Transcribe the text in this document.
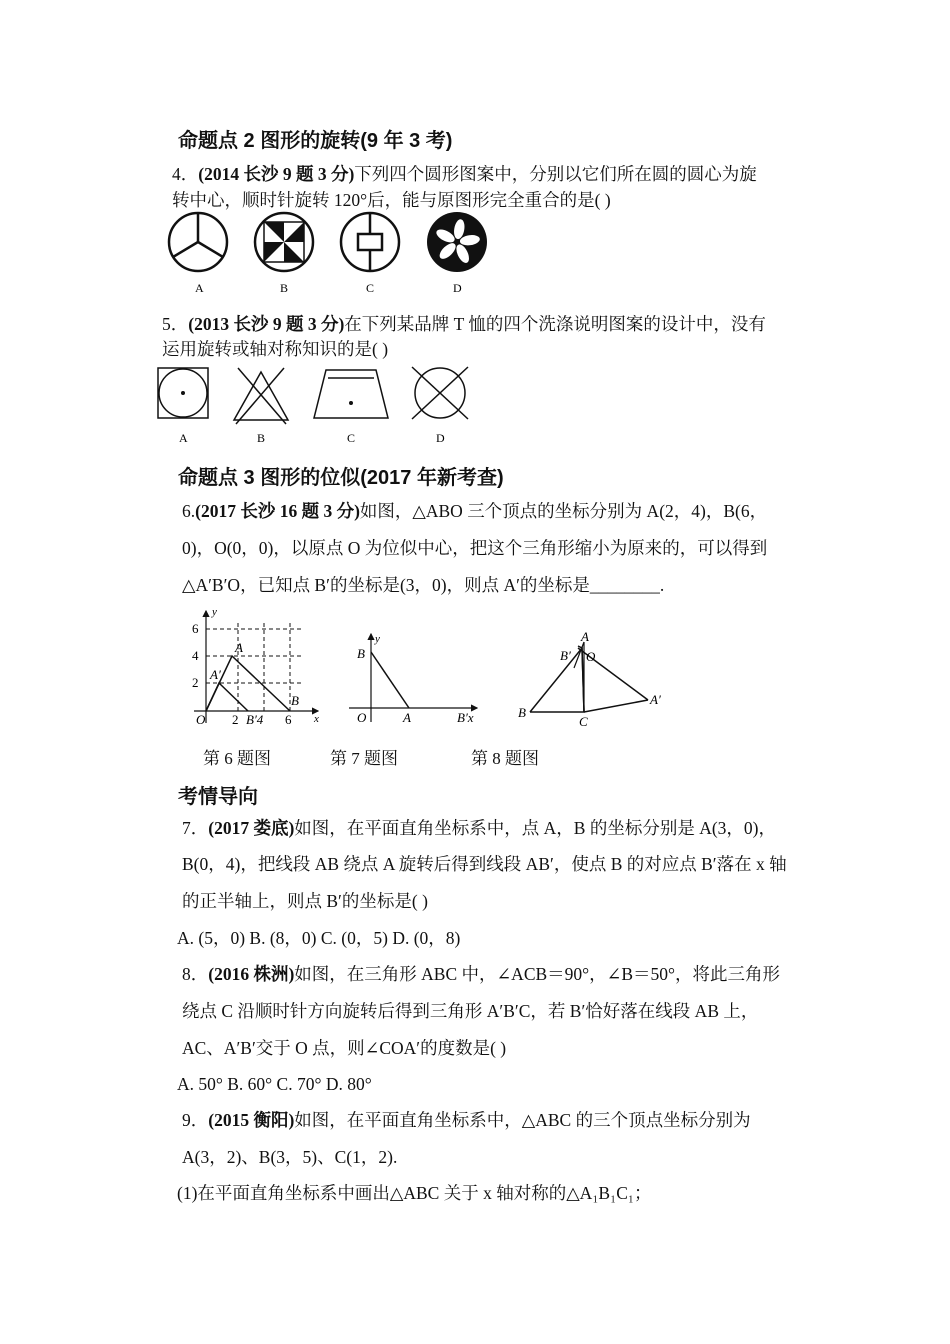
命题点 2 图形的旋转(9 年 3 考)
4．(2014 长沙 9 题 3 分)下列四个圆形图案中，分别以它们所在圆的圆心为旋
转中心，顺时针旋转 120°后，能与原图形完全重合的是( )
A	B	C	D
5．(2013 长沙 9 题 3 分)在下列某品牌 T 恤的四个洗涤说明图案的设计中，没有
运用旋转或轴对称知识的是( )
A	B	C	D
命题点 3 图形的位似(2017 年新考查)
6.(2017 长沙 16 题 3 分)如图，△ABO 三个顶点的坐标分别为 A(2，4)，B(6，
0)，O(0，0)，以原点 O 为位似中心，把这个三角形缩小为原来的，可以得到
△A′B′O，已知点 B′的坐标是(3，0)，则点 A′的坐标是________.
y
6
4
2
A
A′
B
O 2 B′4 6 x
y
B
O	A	B′x
A
B′ O
A′
B
C
第 6 题图	第 7 题图	第 8 题图
考情导向
7．(2017 娄底)如图，在平面直角坐标系中，点 A，B 的坐标分别是 A(3，0)，
B(0，4)，把线段 AB 绕点 A 旋转后得到线段 AB′，使点 B 的对应点 B′落在 x 轴
的正半轴上，则点 B′的坐标是( )
A. (5，0) B. (8，0) C. (0，5) D. (0，8)
8．(2016 株洲)如图，在三角形 ABC 中，∠ACB＝90°，∠B＝50°，将此三角形
绕点 C 沿顺时针方向旋转后得到三角形 A′B′C，若 B′恰好落在线段 AB 上，
AC、A′B′交于 O 点，则∠COA′的度数是( )
A. 50° B. 60° C. 70° D. 80°
9．(2015 衡阳)如图，在平面直角坐标系中，△ABC 的三个顶点坐标分别为
A(3，2)、B(3，5)、C(1，2).
(1)在平面直角坐标系中画出△ABC 关于 x 轴对称的△A₁B₁C₁；
